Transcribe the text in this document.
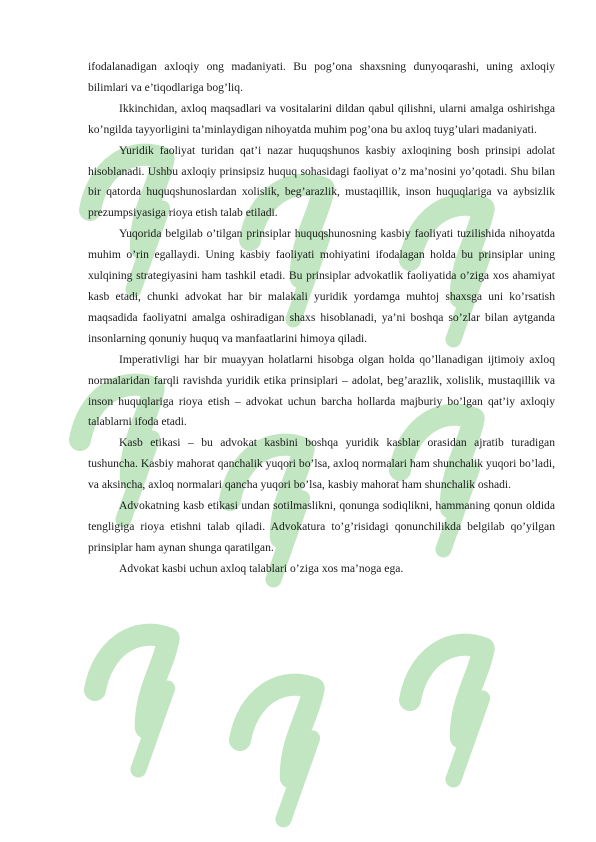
ifodalanadigan axloqiy ong madaniyati. Bu pog’ona shaxsning dunyoqarashi, uning axloqiy bilimlari va e’tiqodlariga bog’liq.

Ikkinchidan, axloq maqsadlari va vositalarini dildan qabul qilishni, ularni amalga oshirishga ko’ngilda tayyorligini ta’minlaydigan nihoyatda muhim pog’ona bu axloq tuyg’ulari madaniyati.

Yuridik faoliyat turidan qat’i nazar huquqshunos kasbiy axloqining bosh prinsipi adolat hisoblanadi. Ushbu axloqiy prinsipsiz huquq sohasidagi faoliyat o’z ma’nosini yo’qotadi. Shu bilan bir qatorda huquqshunoslardan xolislik, beg’arazlik, mustaqillik, inson huquqlariga va aybsizlik prezumpsiyasiga rioya etish talab etiladi.

Yuqorida belgilab o’tilgan prinsiplar huquqshunosning kasbiy faoliyati tuzilishida nihoyatda muhim o’rin egallaydi. Uning kasbiy faoliyati mohiyatini ifodalagan holda bu prinsiplar uning xulqining strategiyasini ham tashkil etadi. Bu prinsiplar advokatlik faoliyatida o’ziga xos ahamiyat kasb etadi, chunki advokat har bir malakali yuridik yordamga muhtoj shaxsga uni ko’rsatish maqsadida faoliyatni amalga oshiradigan shaxs hisoblanadi, ya’ni boshqa so’zlar bilan aytganda insonlarning qonuniy huquq va manfaatlarini himoya qiladi.

Imperativligi har bir muayyan holatlarni hisobga olgan holda qo’llanadigan ijtimoiy axloq normalaridan farqli ravishda yuridik etika prinsiplari – adolat, beg’arazlik, xolislik, mustaqillik va inson huquqlariga rioya etish – advokat uchun barcha hollarda majburiy bo’lgan qat’iy axloqiy talablarni ifoda etadi.

Kasb etikasi – bu advokat kasbini boshqa yuridik kasblar orasidan ajratib turadigan tushuncha. Kasbiy mahorat qanchalik yuqori bo’lsa, axloq normalari ham shunchalik yuqori bo’ladi, va aksincha, axloq normalari qancha yuqori bo’lsa, kasbiy mahorat ham shunchalik oshadi.

Advokatning kasb etikasi undan sotilmaslikni, qonunga sodiqlikni, hammaning qonun oldida tengligiga rioya etishni talab qiladi. Advokatura to’g’risidagi qonunchilikda belgilab qo’yilgan prinsiplar ham aynan shunga qaratilgan.

Advokat kasbi uchun axloq talablari o’ziga xos ma’noga ega.
